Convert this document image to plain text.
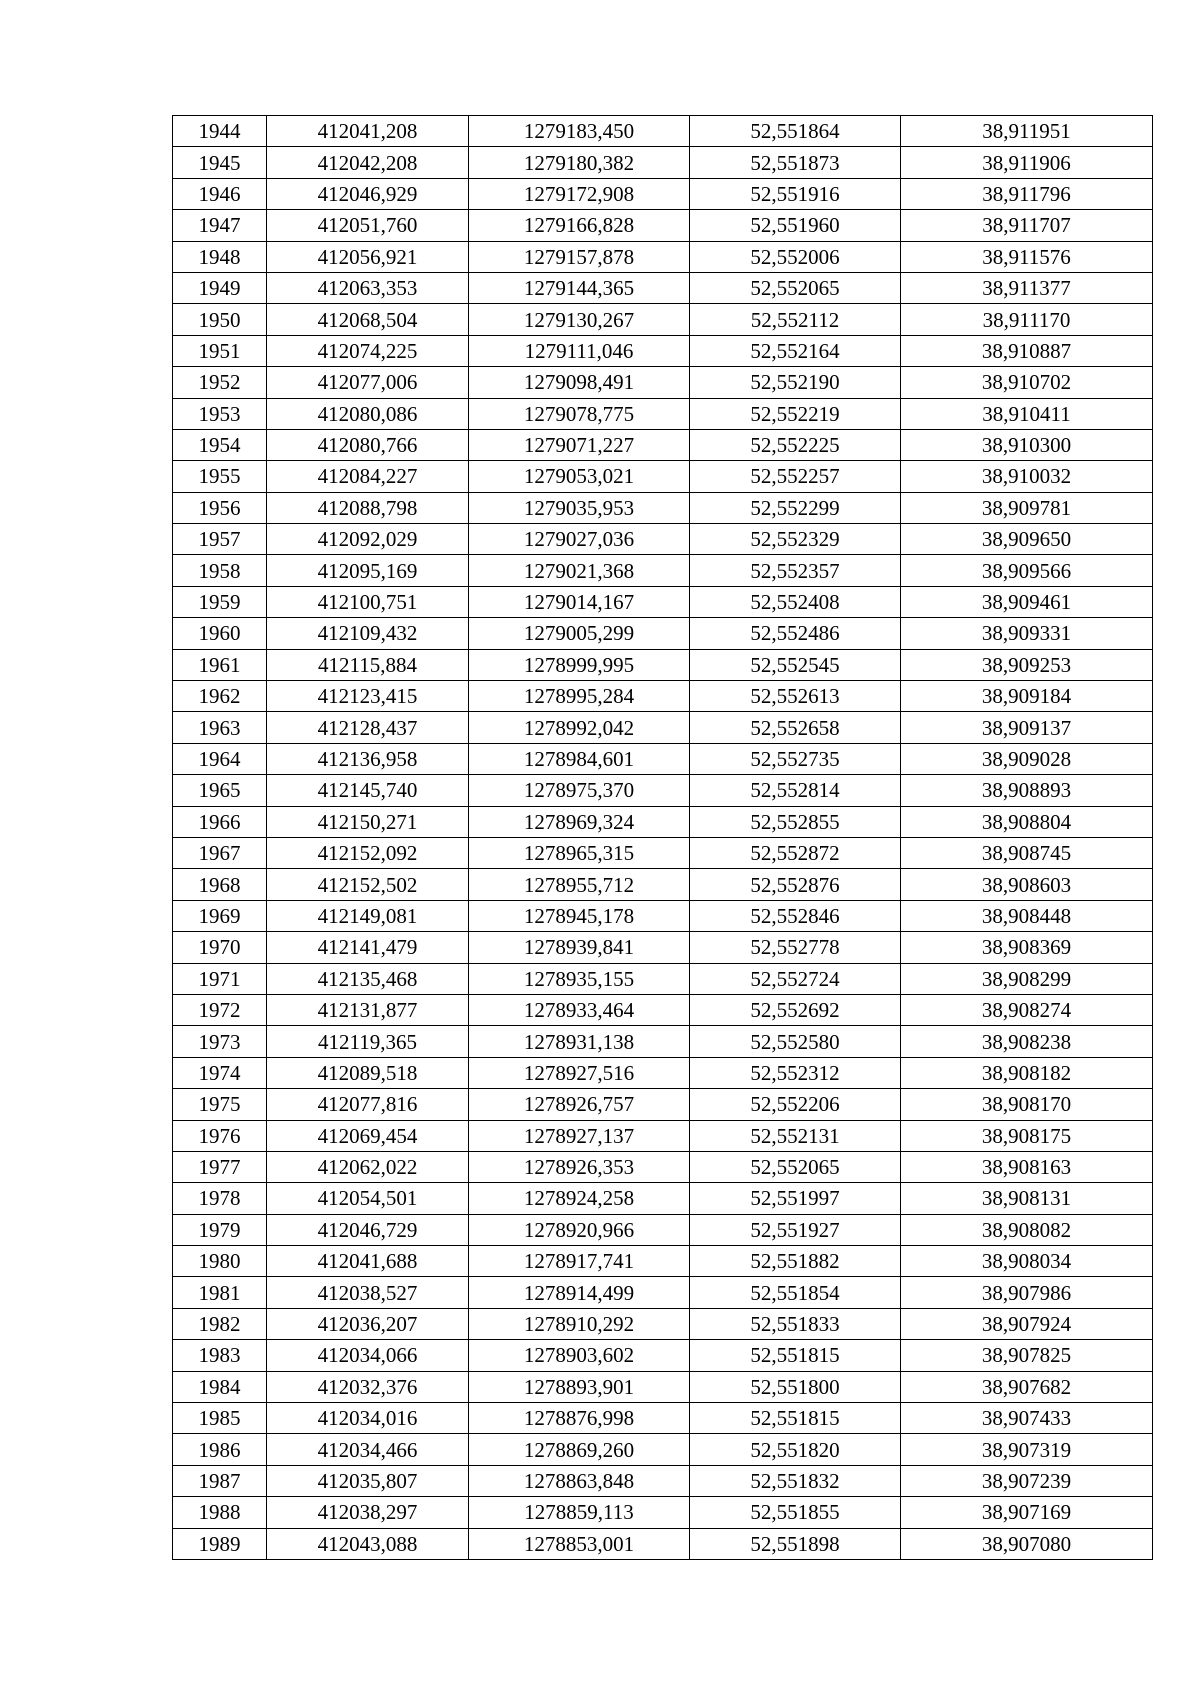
1944	412041,208	1279183,450	52,551864	38,911951
1945	412042,208	1279180,382	52,551873	38,911906
1946	412046,929	1279172,908	52,551916	38,911796
1947	412051,760	1279166,828	52,551960	38,911707
1948	412056,921	1279157,878	52,552006	38,911576
1949	412063,353	1279144,365	52,552065	38,911377
1950	412068,504	1279130,267	52,552112	38,911170
1951	412074,225	1279111,046	52,552164	38,910887
1952	412077,006	1279098,491	52,552190	38,910702
1953	412080,086	1279078,775	52,552219	38,910411
1954	412080,766	1279071,227	52,552225	38,910300
1955	412084,227	1279053,021	52,552257	38,910032
1956	412088,798	1279035,953	52,552299	38,909781
1957	412092,029	1279027,036	52,552329	38,909650
1958	412095,169	1279021,368	52,552357	38,909566
1959	412100,751	1279014,167	52,552408	38,909461
1960	412109,432	1279005,299	52,552486	38,909331
1961	412115,884	1278999,995	52,552545	38,909253
1962	412123,415	1278995,284	52,552613	38,909184
1963	412128,437	1278992,042	52,552658	38,909137
1964	412136,958	1278984,601	52,552735	38,909028
1965	412145,740	1278975,370	52,552814	38,908893
1966	412150,271	1278969,324	52,552855	38,908804
1967	412152,092	1278965,315	52,552872	38,908745
1968	412152,502	1278955,712	52,552876	38,908603
1969	412149,081	1278945,178	52,552846	38,908448
1970	412141,479	1278939,841	52,552778	38,908369
1971	412135,468	1278935,155	52,552724	38,908299
1972	412131,877	1278933,464	52,552692	38,908274
1973	412119,365	1278931,138	52,552580	38,908238
1974	412089,518	1278927,516	52,552312	38,908182
1975	412077,816	1278926,757	52,552206	38,908170
1976	412069,454	1278927,137	52,552131	38,908175
1977	412062,022	1278926,353	52,552065	38,908163
1978	412054,501	1278924,258	52,551997	38,908131
1979	412046,729	1278920,966	52,551927	38,908082
1980	412041,688	1278917,741	52,551882	38,908034
1981	412038,527	1278914,499	52,551854	38,907986
1982	412036,207	1278910,292	52,551833	38,907924
1983	412034,066	1278903,602	52,551815	38,907825
1984	412032,376	1278893,901	52,551800	38,907682
1985	412034,016	1278876,998	52,551815	38,907433
1986	412034,466	1278869,260	52,551820	38,907319
1987	412035,807	1278863,848	52,551832	38,907239
1988	412038,297	1278859,113	52,551855	38,907169
1989	412043,088	1278853,001	52,551898	38,907080
